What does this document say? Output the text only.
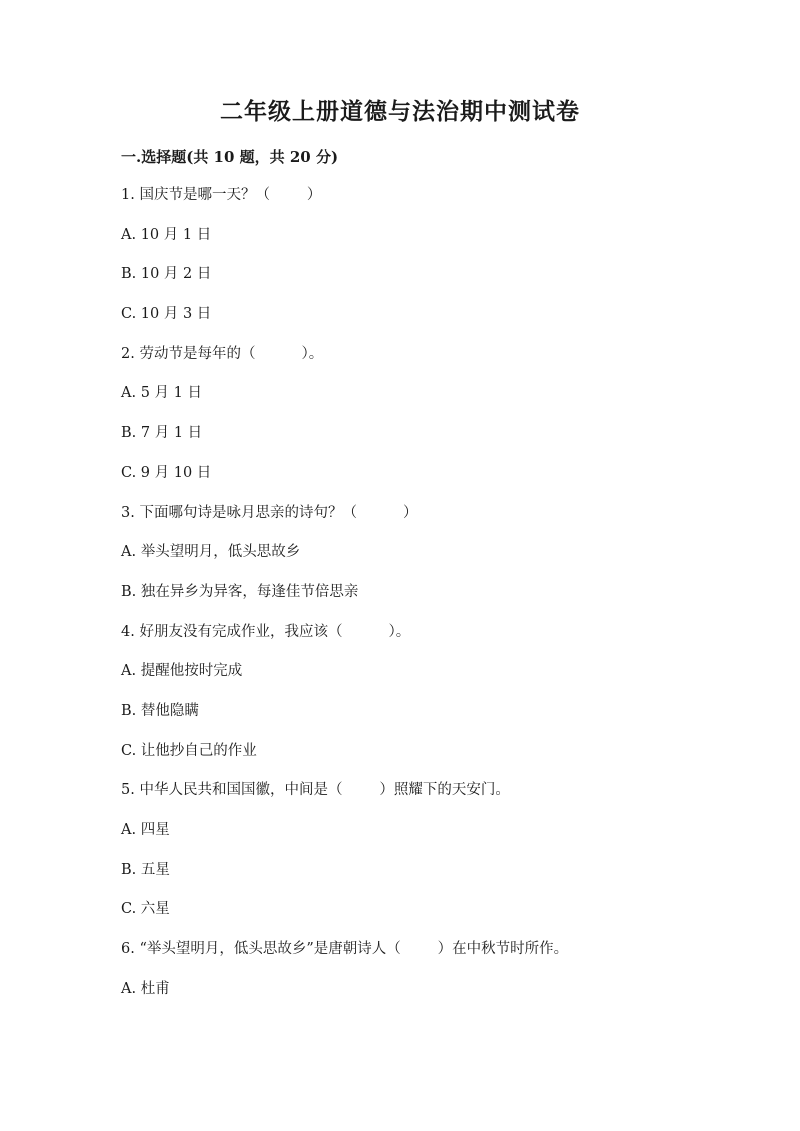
二年级上册道德与法治期中测试卷
一.选择题(共 10 题，共 20 分)
1. 国庆节是哪一天？（        ）
A. 10 月 1 日
B. 10 月 2 日
C. 10 月 3 日
2. 劳动节是每年的（          ）。
A. 5 月 1 日
B. 7 月 1 日
C. 9 月 10 日
3. 下面哪句诗是咏月思亲的诗句？（          ）
A. 举头望明月，低头思故乡
B. 独在异乡为异客，每逢佳节倍思亲
4. 好朋友没有完成作业，我应该（          ）。
A. 提醒他按时完成
B. 替他隐瞒
C. 让他抄自己的作业
5. 中华人民共和国国徽，中间是（        ）照耀下的天安门。
A. 四星
B. 五星
C. 六星
6. “举头望明月，低头思故乡”是唐朝诗人（        ）在中秋节时所作。
A. 杜甫
